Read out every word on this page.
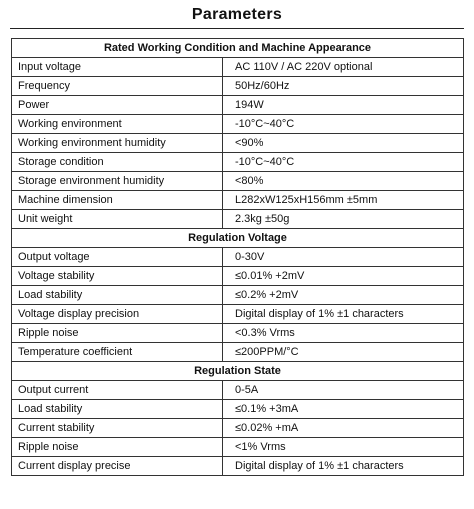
Parameters
Rated Working Condition and Machine Appearance	
Input voltage	AC 110V / AC 220V optional
Frequency	50Hz/60Hz
Power	194W
Working environment	-10°C~40°C
Working environment humidity	<90%
Storage condition	-10°C~40°C
Storage environment humidity	<80%
Machine dimension	L282xW125xH156mm ±5mm
Unit weight	2.3kg ±50g
Regulation Voltage	
Output voltage	0-30V
Voltage stability	≤0.01% +2mV
Load stability	≤0.2% +2mV
Voltage display precision	Digital display of 1% ±1 characters
Ripple noise	<0.3% Vrms
Temperature coefficient	≤200PPM/°C
Regulation State	
Output current	0-5A
Load stability	≤0.1% +3mA
Current stability	≤0.02% +mA
Ripple noise	<1% Vrms
Current display precise	Digital display of 1% ±1 characters
